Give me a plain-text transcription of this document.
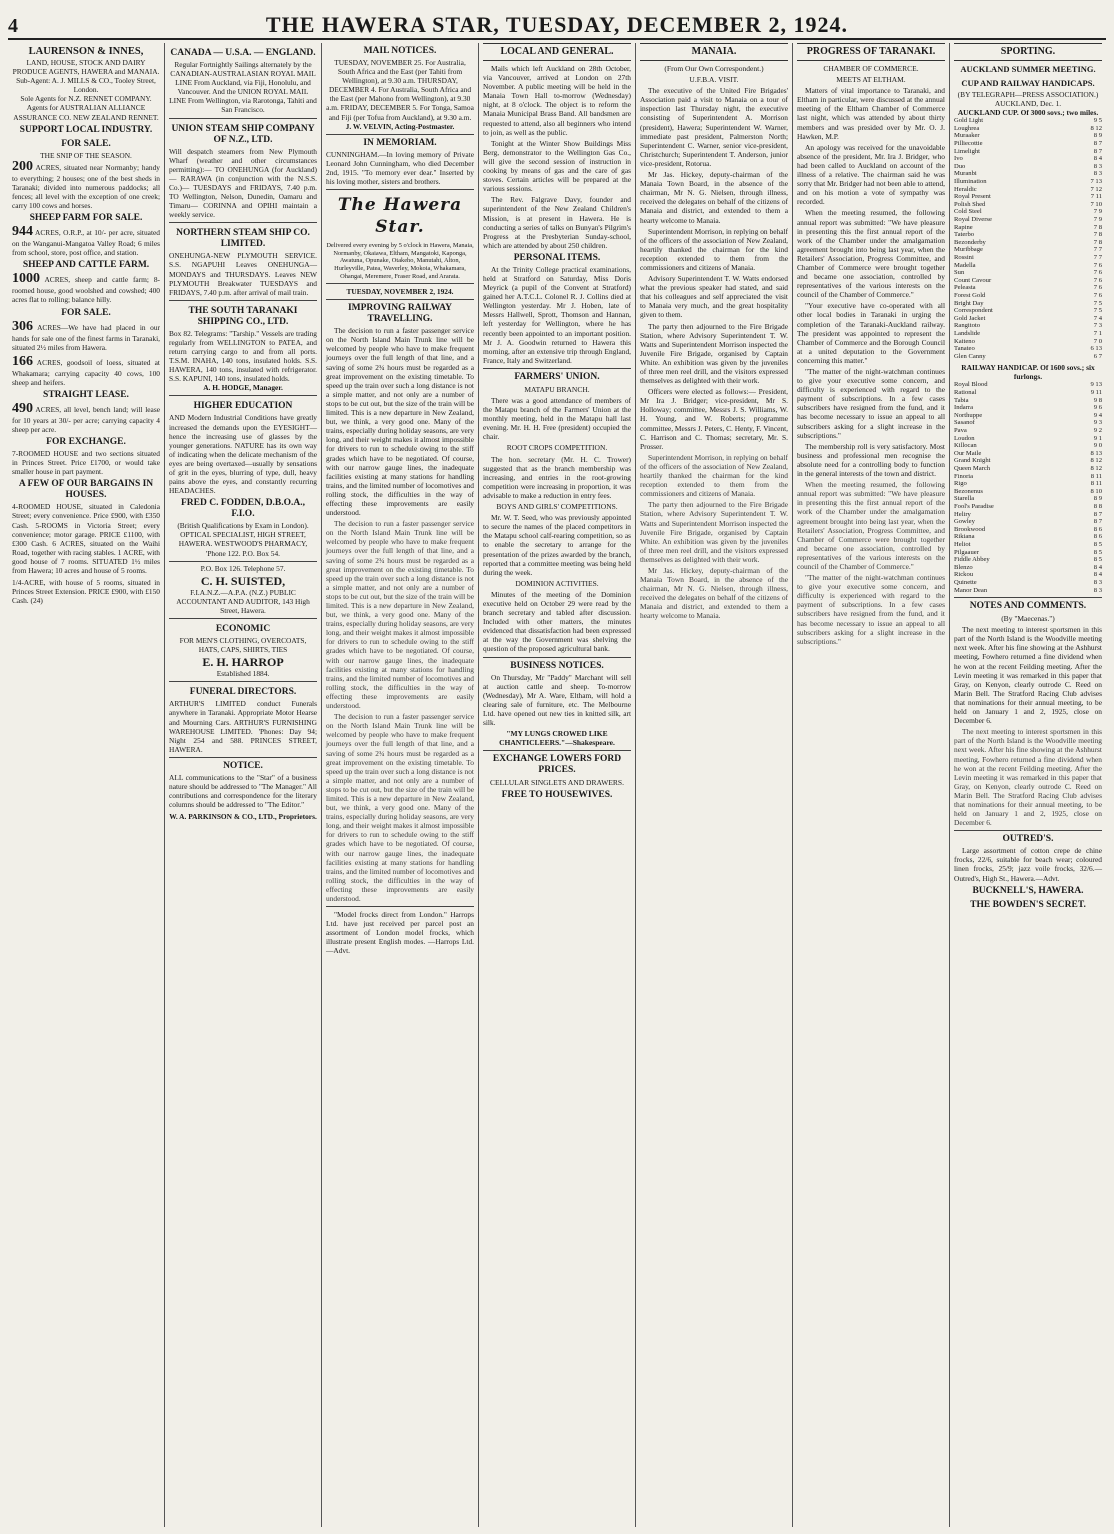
4	THE HAWERA STAR, TUESDAY, DECEMBER 2, 1924.
LAURENSON & INNES,
LAND, HOUSE, STOCK AND DAIRY PRODUCE AGENTS, HAWERA and MANAIA.
Sub-Agent: A. J. MILLS & CO., Tooley Street, London.
Sole Agents for N.Z. RENNET COMPANY. Agents for AUSTRALIAN ALLIANCE ASSURANCE CO. NEW ZEALAND RENNET.
SUPPORT LOCAL INDUSTRY.
FOR SALE.
THE SNIP OF THE SEASON.
200 ACRES, situated near Normanby; handy to everything; 2 houses; one of the best sheds in Taranaki; divided into numerous paddocks; all fences; all level with the exception of one creek; carry 100 cows and horses.
SHEEP FARM FOR SALE.
944 ACRES, O.R.P., at 10/- per acre, situated on the Wanganui-Mangatoa Valley Road; 6 miles from school, store, post office, and station.
SHEEP AND CATTLE FARM.
1000 ACRES, sheep and cattle farm; 8-roomed house, good woolshed and cowshed; 400 acres flat to rolling; balance hilly.
FOR SALE.
306 ACRES—We have had placed in our hands for sale one of the finest farms in Taranaki, situated 2½ miles from Hawera.
166 ACRES, goodsoil of loess, situated at Whakamara; carrying capacity 40 cows, 100 sheep and heifers.
STRAIGHT LEASE.
490 ACRES, all level, bench land; will lease for 10 years at 30/- per acre; carrying capacity 4 sheep per acre.
FOR EXCHANGE.
7-ROOMED HOUSE and two sections situated in Princes Street. Price £1700, or would take smaller house in part payment.
A FEW OF OUR BARGAINS IN HOUSES.
4-ROOMED HOUSE, situated in Caledonia Street; every convenience. Price £900, with £350 Cash. 5-ROOMS in Victoria Street; every convenience; motor garage. PRICE £1100, with £300 Cash. 6 ACRES, situated on the Waihi Road, together with racing stables. 1 ACRE, with good house of 7 rooms. SITUATED 1½ miles from Hawera; 10 acres and house of 5 rooms.
1/4-ACRE, with house of 5 rooms, situated in Princes Street Extension. PRICE £900, with £150 Cash. (24)
CANADA — U.S.A. — ENGLAND.
Regular Fortnightly Sailings alternately by the CANADIAN-AUSTRALASIAN ROYAL MAIL LINE From Auckland, via Fiji, Honolulu, and Vancouver. And the UNION ROYAL MAIL LINE From Wellington, via Rarotonga, Tahiti and San Francisco.
UNION STEAM SHIP COMPANY OF N.Z., LTD.
Will despatch steamers from New Plymouth Wharf (weather and other circumstances permitting):— TO ONEHUNGA (for Auckland)— RARAWA (in conjunction with the N.S.S. Co.)— TUESDAYS and FRIDAYS, 7.40 p.m. TO Wellington, Nelson, Dunedin, Oamaru and Timaru— CORINNA and OPIHI maintain a weekly service.
NORTHERN STEAM SHIP CO. LIMITED.
ONEHUNGA-NEW PLYMOUTH SERVICE. S.S. NGAPUHI Leaves ONEHUNGA— MONDAYS and THURSDAYS. Leaves NEW PLYMOUTH Breakwater TUESDAYS and FRIDAYS, 7.40 p.m. after arrival of mail train.
THE SOUTH TARANAKI SHIPPING CO., LTD.
Box 82. Telegrams: "Tarship." Vessels are trading regularly from WELLINGTON to PATEA, and return carrying cargo to and from all ports. T.S.M. INAHA, 140 tons, insulated holds. S.S. HAWERA, 140 tons, insulated with refrigerator. S.S. KAPUNI, 140 tons, insulated holds.
A. H. HODGE, Manager.
HIGHER EDUCATION
AND Modern Industrial Conditions have greatly increased the demands upon the EYESIGHT—hence the increasing use of glasses by the younger generations. NATURE has its own way of indicating when the delicate mechanism of the eyes are being overtaxed—usually by sensations of grit in the eyes, blurring of type, dull, heavy pains above the eyes, and constantly recurring HEADACHES.
FRED C. FODDEN, D.B.O.A., F.I.O.
(British Qualifications by Exam in London). OPTICAL SPECIALIST, HIGH STREET, HAWERA. WESTWOOD'S PHARMACY, 'Phone 122. P.O. Box 54.
P.O. Box 126. Telephone 57.
C. H. SUISTED,
F.I.A.N.Z.—A.P.A. (N.Z.) PUBLIC ACCOUNTANT AND AUDITOR, 143 High Street, Hawera.
ECONOMIC
FOR MEN'S CLOTHING, OVERCOATS, HATS, CAPS, SHIRTS, TIES
E. H. HARROP
Established 1884.
FUNERAL DIRECTORS.
ARTHUR'S LIMITED conduct Funerals anywhere in Taranaki. Appropriate Motor Hearse and Mourning Cars. ARTHUR'S FURNISHING WAREHOUSE LIMITED. 'Phones: Day 94; Night 254 and 588. PRINCES STREET, HAWERA.
NOTICE.
ALL communications to the "Star" of a business nature should be addressed to "The Manager." All contributions and correspondence for the literary columns should be addressed to "The Editor."
W. A. PARKINSON & CO., LTD., Proprietors.
MAIL NOTICES.
TUESDAY, NOVEMBER 25. For Australia, South Africa and the East (per Tahiti from Wellington), at 9.30 a.m. THURSDAY, DECEMBER 4. For Australia, South Africa and the East (per Mahono from Wellington), at 9.30 a.m. FRIDAY, DECEMBER 5. For Tonga, Samoa and Fiji (per Tofua from Auckland), at 9.30 a.m.
J. W. VELVIN, Acting-Postmaster.
IN MEMORIAM.
CUNNINGHAM.—In loving memory of Private Leonard John Cunningham, who died December 2nd, 1915. "To memory ever dear." Inserted by his loving mother, sisters and brothers.
The Hawera Star.
Delivered every evening by 5 o'clock in Hawera, Manaia, Normanby, Okaiawa, Eltham, Mangatoki, Kaponga, Awatuna, Opunake, Otakeho, Manutahi, Alton, Hurleyville, Patea, Waverley, Mokoia, Whakamara, Ohangai, Meremere, Fraser Road, and Ararata.
TUESDAY, NOVEMBER 2, 1924.
IMPROVING RAILWAY TRAVELLING.

The decision to run a faster passenger service on the North Island Main Trunk line will be welcomed by people who have to make frequent journeys over the full length of that line, and a saving of some 2¾ hours must be regarded as a great improvement on the existing timetable. To speed up the train over such a long distance is not a simple matter, and not only are a number of stops to be cut out, but the size of the train will be limited. This is a new departure in New Zealand, but, we think, a very good one. Many of the trains, especially during holiday seasons, are very long, and their weight makes it almost impossible for drivers to run to schedule owing to the stiff grades which have to be negotiated. Of course, with our narrow gauge lines, the inadequate facilities existing at many stations for handling trains, and the limited number of locomotives and rolling stock, the difficulties in the way of effecting these improvements are easily understood.

The decision to run a faster passenger service on the North Island Main Trunk line will be welcomed by people who have to make frequent journeys over the full length of that line, and a saving of some 2¾ hours must be regarded as a great improvement on the existing timetable. To speed up the train over such a long distance is not a simple matter, and not only are a number of stops to be cut out, but the size of the train will be limited. This is a new departure in New Zealand, but, we think, a very good one. Many of the trains, especially during holiday seasons, are very long, and their weight makes it almost impossible for drivers to run to schedule owing to the stiff grades which have to be negotiated. Of course, with our narrow gauge lines, the inadequate facilities existing at many stations for handling trains, and the limited number of locomotives and rolling stock, the difficulties in the way of effecting these improvements are easily understood.

The decision to run a faster passenger service on the North Island Main Trunk line will be welcomed by people who have to make frequent journeys over the full length of that line, and a saving of some 2¾ hours must be regarded as a great improvement on the existing timetable. To speed up the train over such a long distance is not a simple matter, and not only are a number of stops to be cut out, but the size of the train will be limited. This is a new departure in New Zealand, but, we think, a very good one. Many of the trains, especially during holiday seasons, are very long, and their weight makes it almost impossible for drivers to run to schedule owing to the stiff grades which have to be negotiated. Of course, with our narrow gauge lines, the inadequate facilities existing at many stations for handling trains, and the limited number of locomotives and rolling stock, the difficulties in the way of effecting these improvements are easily understood.

"Model frocks direct from London." Harrops Ltd. have just received per parcel post an assortment of London model frocks, which illustrate present English modes. —Harrops Ltd.—Advt.

LOCAL AND GENERAL.

Mails which left Auckland on 28th October, via Vancouver, arrived at London on 27th November. A public meeting will be held in the Manaia Town Hall to-morrow (Wednesday) night, at 8 o'clock. The object is to reform the Manaia Municipal Brass Band. All bandsmen are requested to attend, also all beginners who intend to join, as well as the public.

Tonight at the Winter Show Buildings Miss Berg, demonstrator to the Wellington Gas Co., will give the second session of instruction in cooking by means of gas and the care of gas stoves. Certain articles will be prepared at the various sessions.

The Rev. Falgrave Davy, founder and superintendent of the New Zealand Children's Mission, is at present in Hawera. He is conducting a series of talks on Bunyan's Pilgrim's Progress at the Presbyterian Sunday-school, which are attended by about 250 children.

PERSONAL ITEMS.

At the Trinity College practical examinations, held at Stratford on Saturday, Miss Doris Meyrick (a pupil of the Convent at Stratford) gained her A.T.C.L. Colonel R. J. Collins died at Wellington yesterday. Mr J. Hoben, late of Messrs Hallwell, Sprott, Thomson and Hannan, left yesterday for Wellington, where he has recently been appointed to an important position. Mr J. A. Goodwin returned to Hawera this morning, after an extensive trip through England, France, Italy and Switzerland.

FARMERS' UNION.
MATAPU BRANCH.

There was a good attendance of members of the Matapu branch of the Farmers' Union at the monthly meeting, held in the Matapu hall last evening. Mr. H. H. Free (president) occupied the chair.

ROOT CROPS COMPETITION.

The hon. secretary (Mr. H. C. Trower) suggested that as the branch membership was increasing, and entries in the root-growing competition were increasing in proportion, it was advisable to make a reduction in entry fees.

BOYS AND GIRLS' COMPETITIONS.

Mr. W. T. Seed, who was previously appointed to secure the names of the placed competitors in the Matapu school calf-rearing competition, so as to enable the secretary to arrange for the presentation of the prizes awarded by the branch, reported that a committee meeting was being held during the week.

DOMINION ACTIVITIES.

Minutes of the meeting of the Dominion executive held on October 29 were read by the branch secretary and tabled after discussion. Included with other matters, the minutes evidenced that dissatisfaction had been expressed at the way the Government was shelving the question of the proposed agricultural bank.

BUSINESS NOTICES.

On Thursday, Mr "Paddy" Marchant will sell at auction cattle and sheep. To-morrow (Wednesday), Mr A. Ware, Eltham, will hold a clearing sale of furniture, etc. The Melbourne Ltd. have opened out new ties in knitted silk, art silk.

"MY LUNGS CROWED LIKE CHANTICLEERS."—Shakespeare.
EXCHANGE LOWERS FORD PRICES.
CELLULAR SINGLETS AND DRAWERS.
FREE TO HOUSEWIVES.
MANAIA.
(From Our Own Correspondent.)
U.F.B.A. VISIT.

The executive of the United Fire Brigades' Association paid a visit to Manaia on a tour of inspection last Thursday night, the executive consisting of Superintendent A. Morrison (president), Hawera; Superintendent W. Warner, immediate past president, Palmerston North; Superintendent C. Warner, senior vice-president, Christchurch; Superintendent T. Anderson, junior vice-president, Rotorua.

Mr Jas. Hickey, deputy-chairman of the Manaia Town Board, in the absence of the chairman, Mr N. G. Nielsen, through illness, received the delegates on behalf of the citizens of Manaia and district, and extended to them a hearty welcome to Manaia.

Superintendent Morrison, in replying on behalf of the officers of the association of New Zealand, heartily thanked the chairman for the kind reception extended to them from the commissioners and citizens of Manaia.

Advisory Superintendent T. W. Watts endorsed what the previous speaker had stated, and said that his colleagues and self appreciated the visit to Manaia very much, and the great hospitality given to them.

The party then adjourned to the Fire Brigade Station, where Advisory Superintendent T. W. Watts and Superintendent Morrison inspected the Juvenile Fire Brigade, organised by Captain White. An exhibition was given by the juveniles of three men reel drill, and the visitors expressed themselves as delighted with their work.

Officers were elected as follows:— President, Mr Ira J. Bridger; vice-president, Mr S. Holloway; committee, Messrs J. S. Williams, W. H. Young, and W. Roberts; programme committee, Messrs J. Peters, C. Henty, F. Vincent, C. Harrison and C. Thomas; secretary, Mr. S. Prosser.

Superintendent Morrison, in replying on behalf of the officers of the association of New Zealand, heartily thanked the chairman for the kind reception extended to them from the commissioners and citizens of Manaia.

The party then adjourned to the Fire Brigade Station, where Advisory Superintendent T. W. Watts and Superintendent Morrison inspected the Juvenile Fire Brigade, organised by Captain White. An exhibition was given by the juveniles of three men reel drill, and the visitors expressed themselves as delighted with their work.

Mr Jas. Hickey, deputy-chairman of the Manaia Town Board, in the absence of the chairman, Mr N. G. Nielsen, through illness, received the delegates on behalf of the citizens of Manaia and district, and extended to them a hearty welcome to Manaia.

PROGRESS OF TARANAKI.
CHAMBER OF COMMERCE.
MEETS AT ELTHAM.

Matters of vital importance to Taranaki, and Eltham in particular, were discussed at the annual meeting of the Eltham Chamber of Commerce last night, which was attended by about thirty members and was presided over by Mr. O. J. Hawken, M.P.

An apology was received for the unavoidable absence of the president, Mr. Ira J. Bridger, who had been called to Auckland on account of the illness of a relative. The chairman said he was sorry that Mr. Bridger had not been able to attend, and on his motion a vote of sympathy was recorded.

When the meeting resumed, the following annual report was submitted: "We have pleasure in presenting this the first annual report of the work of the Chamber under the amalgamation agreement brought into being last year, when the Retailers' Association, Progress Committee, and Chamber of Commerce were brought together and became one association, controlled by representatives of the various interests on the council of the Chamber of Commerce."

"Your executive have co-operated with all other local bodies in Taranaki in urging the completion of the Taranaki-Auckland railway. The president was appointed to represent the Chamber of Commerce and the Borough Council at a united deputation to the Government concerning this matter."

"The matter of the night-watchman continues to give your executive some concern, and difficulty is experienced with regard to the payment of subscriptions. In a few cases subscribers have resigned from the fund, and it has become necessary to issue an appeal to all subscribers asking for a slight increase in the subscriptions."

The membership roll is very satisfactory. Most business and professional men recognise the absolute need for a controlling body to function in the general interests of the town and district.

When the meeting resumed, the following annual report was submitted: "We have pleasure in presenting this the first annual report of the work of the Chamber under the amalgamation agreement brought into being last year, when the Retailers' Association, Progress Committee, and Chamber of Commerce were brought together and became one association, controlled by representatives of the various interests on the council of the Chamber of Commerce."

"The matter of the night-watchman continues to give your executive some concern, and difficulty is experienced with regard to the payment of subscriptions. In a few cases subscribers have resigned from the fund, and it has become necessary to issue an appeal to all subscribers asking for a slight increase in the subscriptions."

SPORTING.
AUCKLAND SUMMER MEETING.
CUP AND RAILWAY HANDICAPS.
(BY TELEGRAPH—PRESS ASSOCIATION.) AUCKLAND, Dec. 1.
AUCKLAND CUP. Of 3000 sovs.; two miles.
Gold Light	9 5
Loughrea	8 12
Muraaker	8 9
Pilliecottie	8 7
Limelight	8 7
Ivo	8 4
Duo	8 3
Muranbi	8 3
Illumination	7 13
Heraldic	7 12
Royal Present	7 11
Polish Shed	7 10
Cold Steel	7 9
Royal Diverse	7 9
Rapine	7 8
Taterbo	7 8
Bezonderby	7 8
Muribbage	7 7
Rossini	7 7
Madella	7 6
Sun	7 6
Count Cavour	7 6
Peleasta	7 6
Forest Gold	7 6
Bright Day	7 5
Correspondent	7 5
Gold Jacket	7 4
Rangitoto	7 3
Landslide	7 1
Kaiteno	7 0
Tanateo	6 13
Glen Canny	6 7
RAILWAY HANDICAP. Of 1600 sovs.; six furlongs.
Royal Blood	9 13
Rational	9 11
Tabia	9 8
Indarra	9 6
Northuppe	9 4
Sasanof	9 3
Pava	9 2
Loudon	9 1
Killocan	9 0
Our Maile	8 13
Grand Knight	8 12
Queen March	8 12
Finoria	8 11
Rigo	8 11
Bezonenus	8 10
Starella	8 9
Fool's Paradise	8 8
Heliry	8 7
Gowley	8 7
Brookwood	8 6
Rikiana	8 6
Heliot	8 5
Pilgaauer	8 5
Fiddle Abbey	8 5
Blenzo	8 4
Rickou	8 4
Quinette	8 3
Manor Dean	8 3
NOTES AND COMMENTS.
(By "Maecenas.")

The next meeting to interest sportsmen in this part of the North Island is the Woodville meeting next week. After his fine showing at the Ashhurst meeting, Fowhero returned a fine dividend when he won at the recent Feilding meeting. After the Levin meeting it was remarked in this paper that Gray, on Kenyon, clearly outrode C. Reed on Marin Bell. The Stratford Racing Club advises that nominations for their annual meeting, to be held on January 1 and 2, 1925, close on December 6.

The next meeting to interest sportsmen in this part of the North Island is the Woodville meeting next week. After his fine showing at the Ashhurst meeting, Fowhero returned a fine dividend when he won at the recent Feilding meeting. After the Levin meeting it was remarked in this paper that Gray, on Kenyon, clearly outrode C. Reed on Marin Bell. The Stratford Racing Club advises that nominations for their annual meeting, to be held on January 1 and 2, 1925, close on December 6.

OUTRED'S.

Large assortment of cotton crepe de chine frocks, 22/6, suitable for beach wear; coloured linen frocks, 25/9; jazz voile frocks, 32/6.—Outred's, High St., Hawera.—Advt.

BUCKNELL'S, HAWERA.
THE BOWDEN'S SECRET.
